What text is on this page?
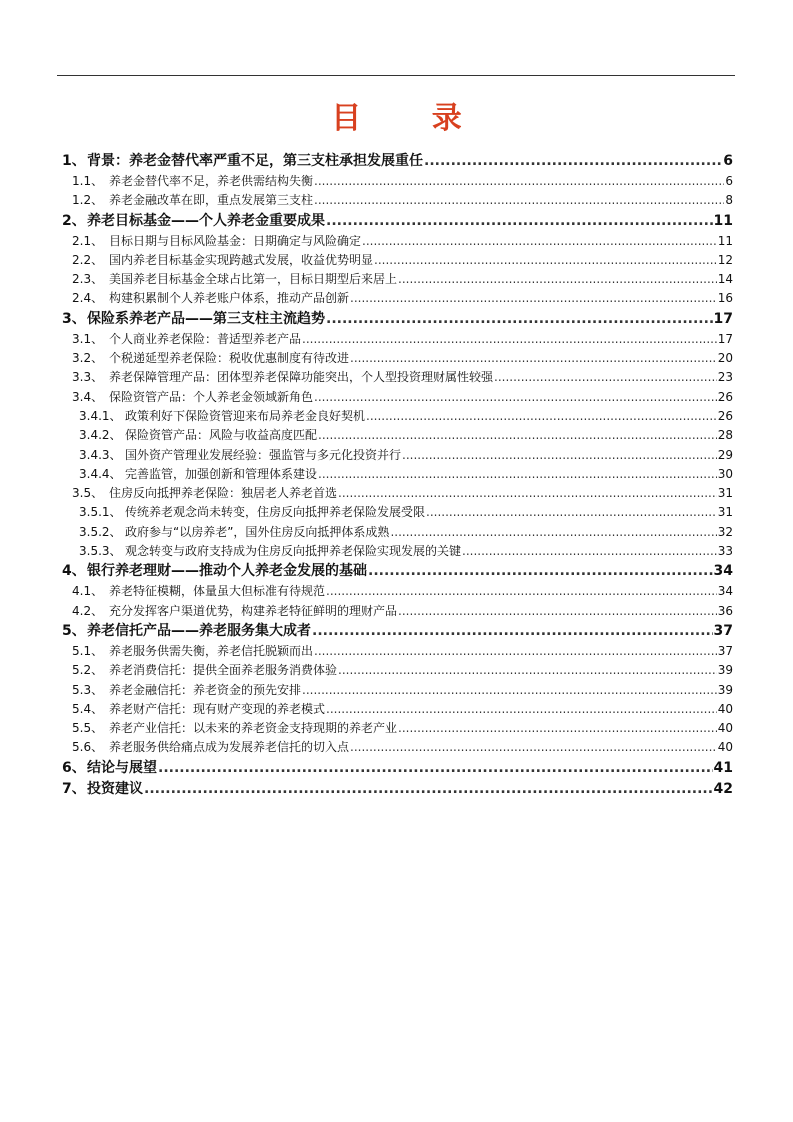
目 录
1、 背景：养老金替代率严重不足，第三支柱承担发展重任 .....	6
1.1、 养老金替代率不足，养老供需结构失衡 .....	6
1.2、 养老金融改革在即，重点发展第三支柱 .....	8
2、 养老目标基金——个人养老金重要成果 .....	11
2.1、 目标日期与目标风险基金：日期确定与风险确定 .....	11
2.2、 国内养老目标基金实现跨越式发展，收益优势明显 .....	12
2.3、 美国养老目标基金全球占比第一，目标日期型后来居上 .....	14
2.4、 构建积累制个人养老账户体系，推动产品创新 .....	16
3、 保险系养老产品——第三支柱主流趋势 .....	17
3.1、 个人商业养老保险：普适型养老产品 .....	17
3.2、 个税递延型养老保险：税收优惠制度有待改进 .....	20
3.3、 养老保障管理产品：团体型养老保障功能突出，个人型投资理财属性较强 .....	23
3.4、 保险资管产品：个人养老金领域新角色 .....	26
3.4.1、 政策利好下保险资管迎来布局养老金良好契机 .....	26
3.4.2、 保险资管产品：风险与收益高度匹配 .....	28
3.4.3、 国外资产管理业发展经验：强监管与多元化投资并行 .....	29
3.4.4、 完善监管，加强创新和管理体系建设 .....	30
3.5、 住房反向抵押养老保险：独居老人养老首选 .....	31
3.5.1、 传统养老观念尚未转变，住房反向抵押养老保险发展受限 .....	31
3.5.2、 政府参与“以房养老”，国外住房反向抵押体系成熟 .....	32
3.5.3、 观念转变与政府支持成为住房反向抵押养老保险实现发展的关键 .....	33
4、 银行养老理财——推动个人养老金发展的基础 .....	34
4.1、 养老特征模糊，体量虽大但标准有待规范 .....	34
4.2、 充分发挥客户渠道优势，构建养老特征鲜明的理财产品 .....	36
5、 养老信托产品——养老服务集大成者 .....	37
5.1、 养老服务供需失衡，养老信托脱颖而出 .....	37
5.2、 养老消费信托：提供全面养老服务消费体验 .....	39
5.3、 养老金融信托：养老资金的预先安排 .....	39
5.4、 养老财产信托：现有财产变现的养老模式 .....	40
5.5、 养老产业信托：以未来的养老资金支持现期的养老产业 .....	40
5.6、 养老服务供给痛点成为发展养老信托的切入点 .....	40
6、 结论与展望 .....	41
7、 投资建议 .....	42
